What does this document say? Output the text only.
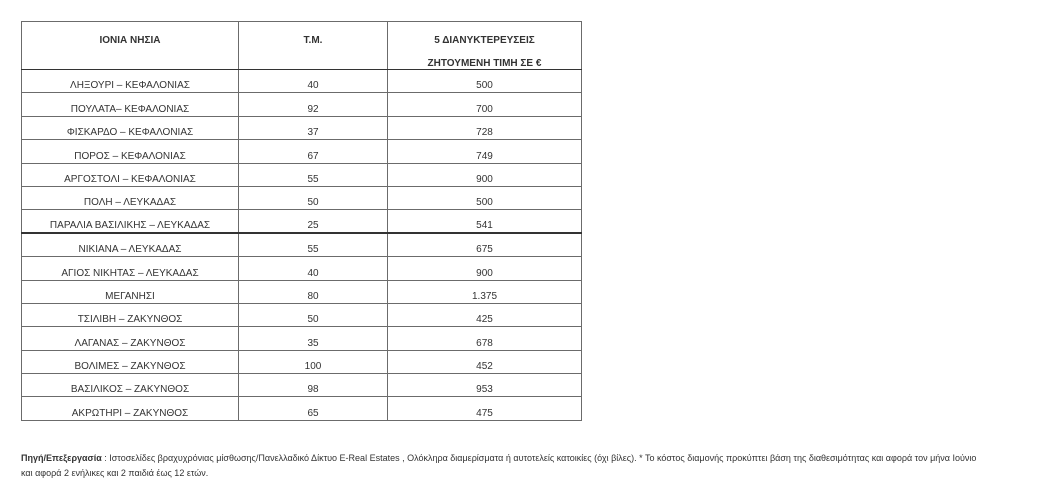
ΙΟΝΙΑ ΝΗΣΙΑ	Τ.Μ.	5 ΔΙΑΝΥΚΤΕΡΕΥΣΕΙΣ
ΖΗΤΟΥΜΕΝΗ ΤΙΜΗ ΣΕ €

ΛΗΞΟΥΡΙ – ΚΕΦΑΛΟΝΙΑΣ	40	500
ΠΟΥΛΑΤΑ– ΚΕΦΑΛΟΝΙΑΣ	92	700
ΦΙΣΚΑΡΔΟ – ΚΕΦΑΛΟΝΙΑΣ	37	728
ΠΟΡΟΣ – ΚΕΦΑΛΟΝΙΑΣ	67	749
ΑΡΓΟΣΤΟΛΙ – ΚΕΦΑΛΟΝΙΑΣ	55	900
ΠΟΛΗ – ΛΕΥΚΑΔΑΣ	50	500
ΠΑΡΑΛΙΑ ΒΑΣΙΛΙΚΗΣ – ΛΕΥΚΑΔΑΣ	25	541
ΝΙΚΙΑΝΑ – ΛΕΥΚΑΔΑΣ	55	675
ΑΓΙΟΣ ΝΙΚΗΤΑΣ – ΛΕΥΚΑΔΑΣ	40	900
ΜΕΓΑΝΗΣΙ	80	1.375
ΤΣΙΛΙΒΗ – ΖΑΚΥΝΘΟΣ	50	425
ΛΑΓΑΝΑΣ – ΖΑΚΥΝΘΟΣ	35	678
ΒΟΛΙΜΕΣ – ΖΑΚΥΝΘΟΣ	100	452
ΒΑΣΙΛΙΚΟΣ – ΖΑΚΥΝΘΟΣ	98	953
ΑΚΡΩΤΗΡΙ – ΖΑΚΥΝΘΟΣ	65	475
Πηγή/Επεξεργασία : Ιστοσελίδες βραχυχρόνιας μίσθωσης/Πανελλαδικό Δίκτυο E-Real Estates , Ολόκληρα διαμερίσματα ή αυτοτελείς κατοικίες (όχι βίλες). * Το κόστος διαμονής προκύπτει βάση της διαθεσιμότητας και αφορά τον μήνα Ιούνιο
και αφορά 2 ενήλικες και 2 παιδιά έως 12 ετών.
